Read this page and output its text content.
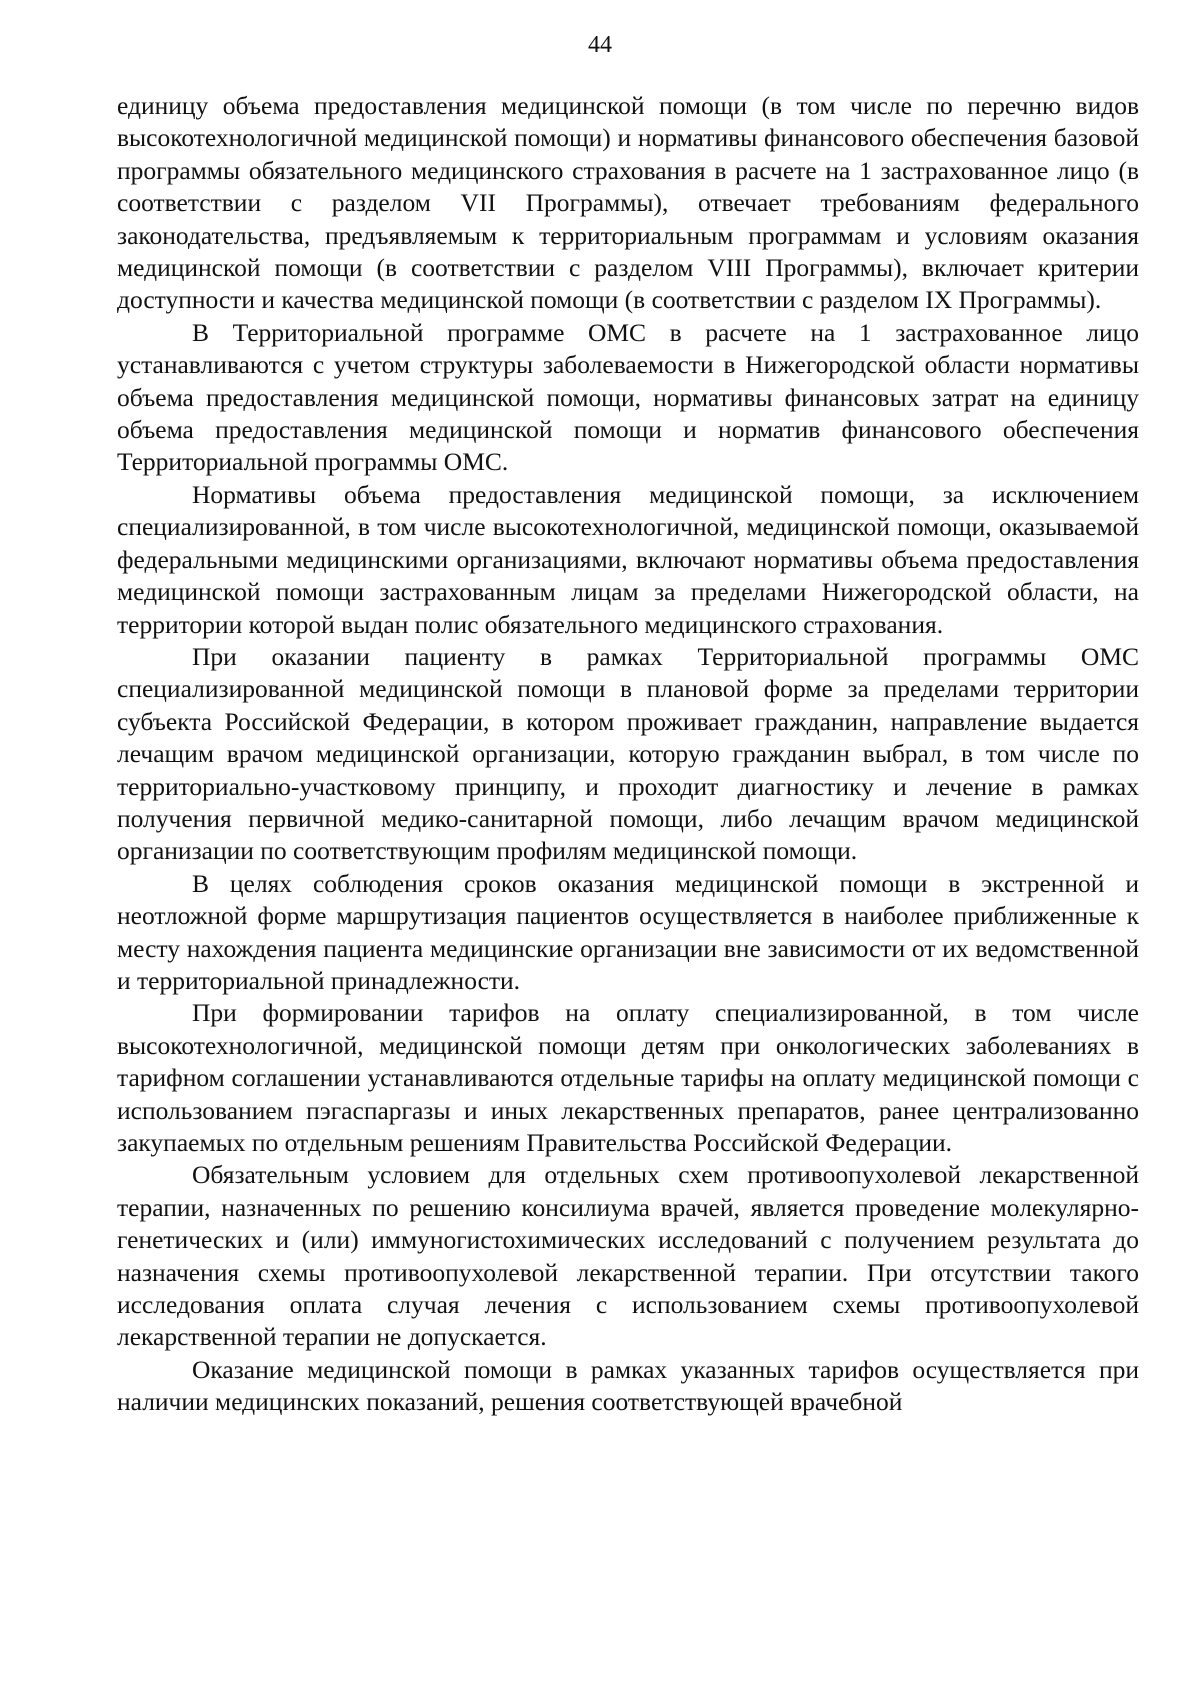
44

единицу объема предоставления медицинской помощи (в том числе по перечню видов высокотехнологичной медицинской помощи) и нормативы финансового обеспечения базовой программы обязательного медицинского страхования в расчете на 1 застрахованное лицо (в соответствии с разделом VII Программы), отвечает требованиям федерального законодательства, предъявляемым к территориальным программам и условиям оказания медицинской помощи (в соответствии с разделом VIII Программы), включает критерии доступности и качества медицинской помощи (в соответствии с разделом IX Программы).

В Территориальной программе ОМС в расчете на 1 застрахованное лицо устанавливаются с учетом структуры заболеваемости в Нижегородской области нормативы объема предоставления медицинской помощи, нормативы финансовых затрат на единицу объема предоставления медицинской помощи и норматив финансового обеспечения Территориальной программы ОМС.

Нормативы объема предоставления медицинской помощи, за исключением специализированной, в том числе высокотехнологичной, медицинской помощи, оказываемой федеральными медицинскими организациями, включают нормативы объема предоставления медицинской помощи застрахованным лицам за пределами Нижегородской области, на территории которой выдан полис обязательного медицинского страхования.

При оказании пациенту в рамках Территориальной программы ОМС специализированной медицинской помощи в плановой форме за пределами территории субъекта Российской Федерации, в котором проживает гражданин, направление выдается лечащим врачом медицинской организации, которую гражданин выбрал, в том числе по территориально-участковому принципу, и проходит диагностику и лечение в рамках получения первичной медико-санитарной помощи, либо лечащим врачом медицинской организации по соответствующим профилям медицинской помощи.

В целях соблюдения сроков оказания медицинской помощи в экстренной и неотложной форме маршрутизация пациентов осуществляется в наиболее приближенные к месту нахождения пациента медицинские организации вне зависимости от их ведомственной и территориальной принадлежности.

При формировании тарифов на оплату специализированной, в том числе высокотехнологичной, медицинской помощи детям при онкологических заболеваниях в тарифном соглашении устанавливаются отдельные тарифы на оплату медицинской помощи с использованием пэгаспаргазы и иных лекарственных препаратов, ранее централизованно закупаемых по отдельным решениям Правительства Российской Федерации.

Обязательным условием для отдельных схем противоопухолевой лекарственной терапии, назначенных по решению консилиума врачей, является проведение молекулярно-генетических и (или) иммуногистохимических исследований с получением результата до назначения схемы противоопухолевой лекарственной терапии. При отсутствии такого исследования оплата случая лечения с использованием схемы противоопухолевой лекарственной терапии не допускается.

Оказание медицинской помощи в рамках указанных тарифов осуществляется при наличии медицинских показаний, решения соответствующей врачебной
